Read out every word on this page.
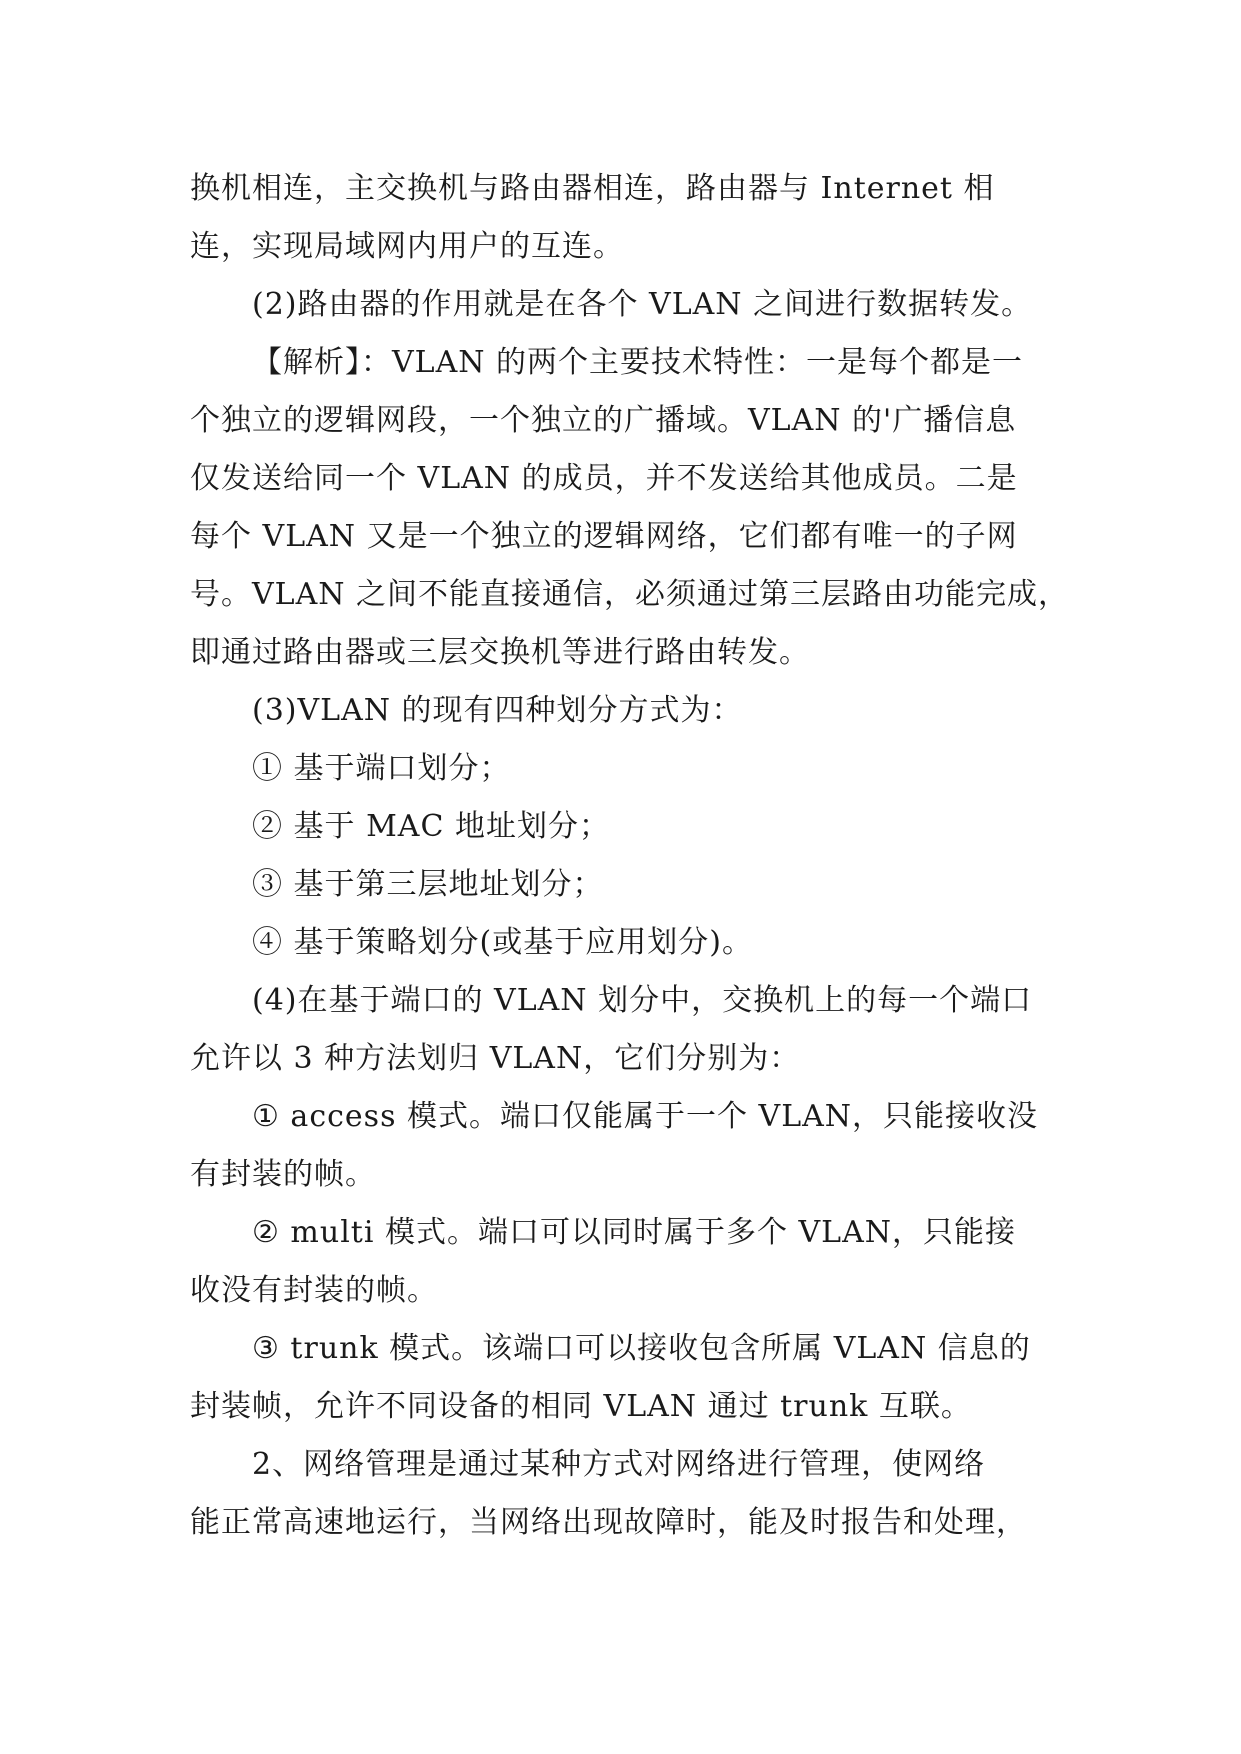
换机相连，主交换机与路由器相连，路由器与 Internet 相
连，实现局域网内用户的互连。
(2)路由器的作用就是在各个 VLAN 之间进行数据转发。
【解析】：VLAN 的两个主要技术特性：一是每个都是一
个独立的逻辑网段，一个独立的广播域。VLAN 的'广播信息
仅发送给同一个 VLAN 的成员，并不发送给其他成员。二是
每个 VLAN 又是一个独立的逻辑网络，它们都有唯一的子网
号。VLAN 之间不能直接通信，必须通过第三层路由功能完成，
即通过路由器或三层交换机等进行路由转发。
(3)VLAN 的现有四种划分方式为：
① 基于端口划分；
② 基于 MAC 地址划分；
③ 基于第三层地址划分；
④ 基于策略划分(或基于应用划分)。
(4)在基于端口的 VLAN 划分中，交换机上的每一个端口
允许以 3 种方法划归 VLAN，它们分别为：
① access 模式。端口仅能属于一个 VLAN，只能接收没
有封装的帧。
② multi 模式。端口可以同时属于多个 VLAN，只能接
收没有封装的帧。
③ trunk 模式。该端口可以接收包含所属 VLAN 信息的
封装帧，允许不同设备的相同 VLAN 通过 trunk 互联。
2、网络管理是通过某种方式对网络进行管理，使网络
能正常高速地运行，当网络出现故障时，能及时报告和处理，
